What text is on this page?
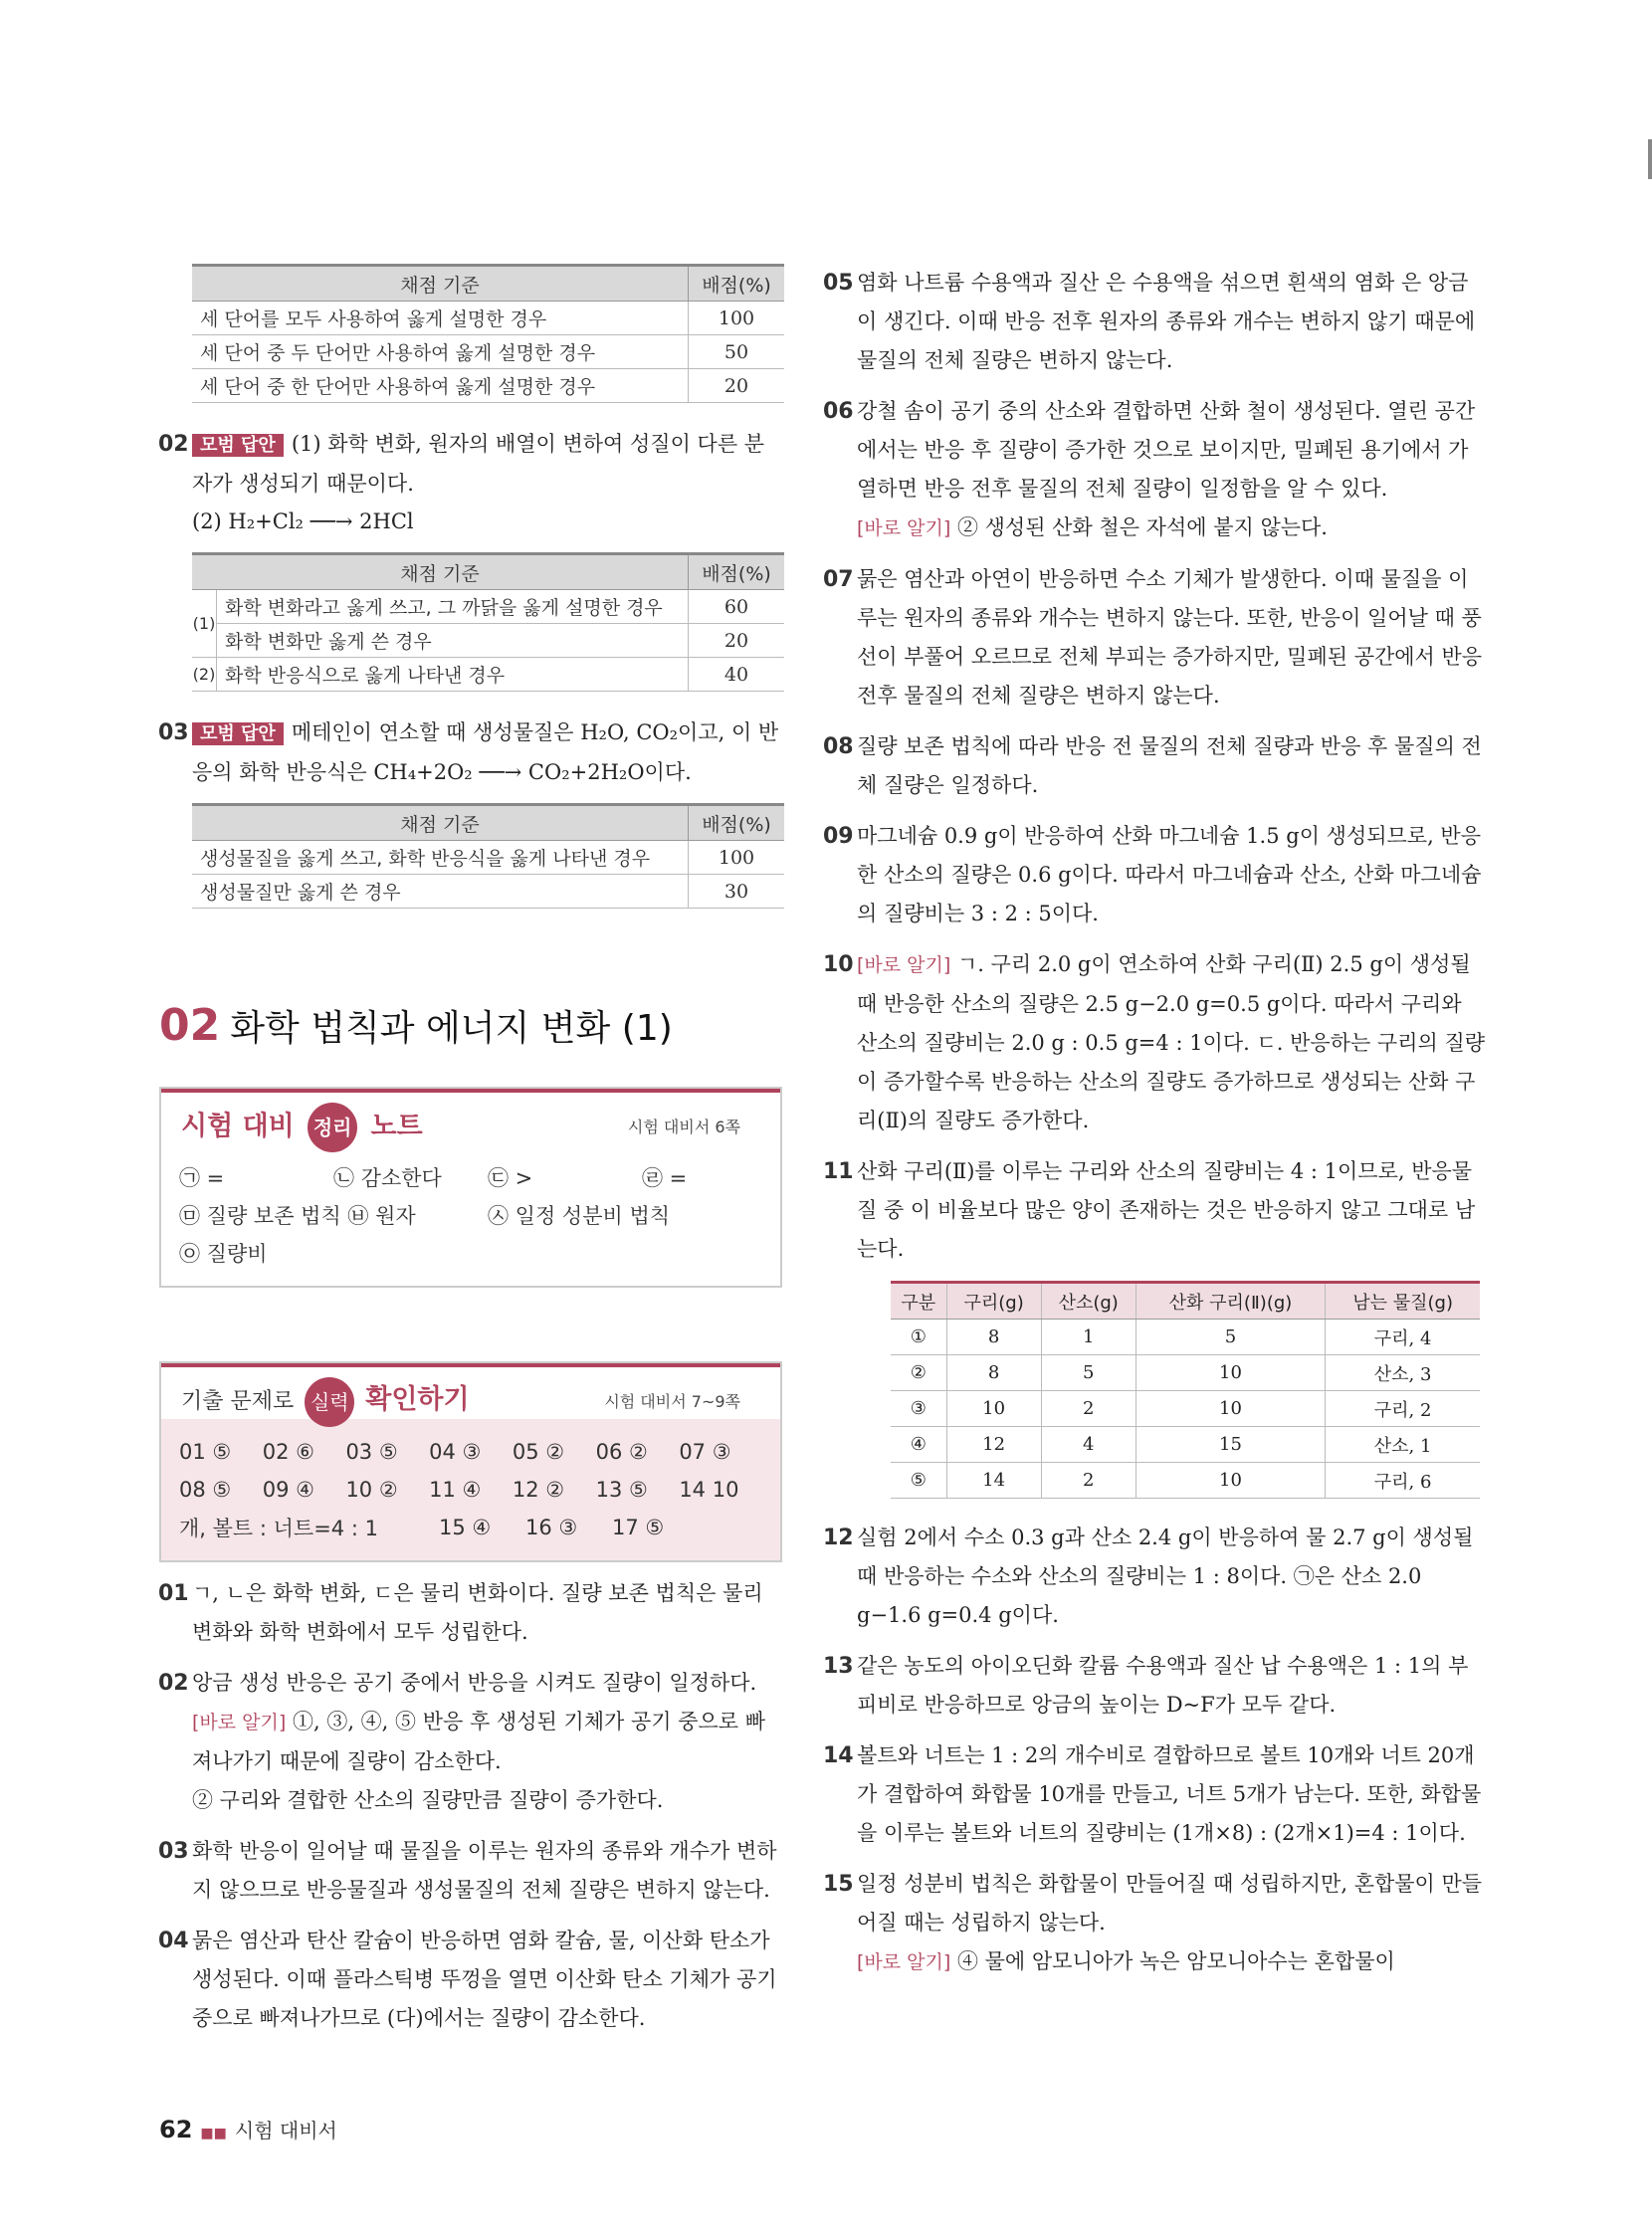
채점 기준	배점(%)
세 단어를 모두 사용하여 옳게 설명한 경우	100
세 단어 중 두 단어만 사용하여 옳게 설명한 경우	50
세 단어 중 한 단어만 사용하여 옳게 설명한 경우	20
02 모범 답안 (1) 화학 변화, 원자의 배열이 변하여 성질이 다른 분자가 생성되기 때문이다.
(2) H₂+Cl₂ ──→ 2HCl
채점 기준		배점(%)
(1)	화학 변화라고 옳게 쓰고, 그 까닭을 옳게 설명한 경우	60
	화학 변화만 옳게 쓴 경우	20
(2)	화학 반응식으로 옳게 나타낸 경우	40
03 모범 답안 메테인이 연소할 때 생성물질은 H₂O, CO₂이고, 이 반응의 화학 반응식은 CH₄+2O₂ ──→ CO₂+2H₂O이다.
채점 기준	배점(%)
생성물질을 옳게 쓰고, 화학 반응식을 옳게 나타낸 경우	100
생성물질만 옳게 쓴 경우	30
02 화학 법칙과 에너지 변화 (1)
시험 대비 정리 노트	시험 대비서 6쪽
㉠ =	㉡ 감소한다	㉢ >	㉣ =
㉤ 질량 보존 법칙 ㉥ 원자	㉦ 일정 성분비 법칙
㉧ 질량비
기출 문제로 실력 확인하기	시험 대비서 7~9쪽
01 ⑤	02 ⑥	03 ⑤	04 ③	05 ②	06 ②	07 ③
08 ⑤	09 ④	10 ②	11 ④	12 ②	13 ⑤	14 10
개, 볼트 : 너트=4 : 1	15 ④	16 ③	17 ⑤
01 ㄱ, ㄴ은 화학 변화, ㄷ은 물리 변화이다. 질량 보존 법칙은 물리 변화와 화학 변화에서 모두 성립한다.
02 앙금 생성 반응은 공기 중에서 반응을 시켜도 질량이 일정하다.
[바로 알기] ①, ③, ④, ⑤ 반응 후 생성된 기체가 공기 중으로 빠져나가기 때문에 질량이 감소한다.
② 구리와 결합한 산소의 질량만큼 질량이 증가한다.
03 화학 반응이 일어날 때 물질을 이루는 원자의 종류와 개수가 변하지 않으므로 반응물질과 생성물질의 전체 질량은 변하지 않는다.
04 묽은 염산과 탄산 칼슘이 반응하면 염화 칼슘, 물, 이산화 탄소가 생성된다. 이때 플라스틱병 뚜껑을 열면 이산화 탄소 기체가 공기 중으로 빠져나가므로 (다)에서는 질량이 감소한다.
05 염화 나트륨 수용액과 질산 은 수용액을 섞으면 흰색의 염화 은 앙금이 생긴다. 이때 반응 전후 원자의 종류와 개수는 변하지 않기 때문에 물질의 전체 질량은 변하지 않는다.
06 강철 솜이 공기 중의 산소와 결합하면 산화 철이 생성된다. 열린 공간에서는 반응 후 질량이 증가한 것으로 보이지만, 밀폐된 용기에서 가열하면 반응 전후 물질의 전체 질량이 일정함을 알 수 있다.
[바로 알기] ② 생성된 산화 철은 자석에 붙지 않는다.
07 묽은 염산과 아연이 반응하면 수소 기체가 발생한다. 이때 물질을 이루는 원자의 종류와 개수는 변하지 않는다. 또한, 반응이 일어날 때 풍선이 부풀어 오르므로 전체 부피는 증가하지만, 밀폐된 공간에서 반응 전후 물질의 전체 질량은 변하지 않는다.
08 질량 보존 법칙에 따라 반응 전 물질의 전체 질량과 반응 후 물질의 전체 질량은 일정하다.
09 마그네슘 0.9 g이 반응하여 산화 마그네슘 1.5 g이 생성되므로, 반응한 산소의 질량은 0.6 g이다. 따라서 마그네슘과 산소, 산화 마그네슘의 질량비는 3 : 2 : 5이다.
10 [바로 알기] ㄱ. 구리 2.0 g이 연소하여 산화 구리(Ⅱ) 2.5 g이 생성될 때 반응한 산소의 질량은 2.5 g−2.0 g=0.5 g이다. 따라서 구리와 산소의 질량비는 2.0 g : 0.5 g=4 : 1이다. ㄷ. 반응하는 구리의 질량이 증가할수록 반응하는 산소의 질량도 증가하므로 생성되는 산화 구리(Ⅱ)의 질량도 증가한다.
11 산화 구리(Ⅱ)를 이루는 구리와 산소의 질량비는 4 : 1이므로, 반응물질 중 이 비율보다 많은 양이 존재하는 것은 반응하지 않고 그대로 남는다.
구분	구리(g)	산소(g)	산화 구리(Ⅱ)(g)	남는 물질(g)
①	8	1	5	구리, 4
②	8	5	10	산소, 3
③	10	2	10	구리, 2
④	12	4	15	산소, 1
⑤	14	2	10	구리, 6
12 실험 2에서 수소 0.3 g과 산소 2.4 g이 반응하여 물 2.7 g이 생성될 때 반응하는 수소와 산소의 질량비는 1 : 8이다. ㉠은 산소 2.0 g−1.6 g=0.4 g이다.
13 같은 농도의 아이오딘화 칼륨 수용액과 질산 납 수용액은 1 : 1의 부피비로 반응하므로 앙금의 높이는 D~F가 모두 같다.
14 볼트와 너트는 1 : 2의 개수비로 결합하므로 볼트 10개와 너트 20개가 결합하여 화합물 10개를 만들고, 너트 5개가 남는다. 또한, 화합물을 이루는 볼트와 너트의 질량비는 (1개×8) : (2개×1)=4 : 1이다.
15 일정 성분비 법칙은 화합물이 만들어질 때 성립하지만, 혼합물이 만들어질 때는 성립하지 않는다.
[바로 알기] ④ 물에 암모니아가 녹은 암모니아수는 혼합물이
62 ■■ 시험 대비서
